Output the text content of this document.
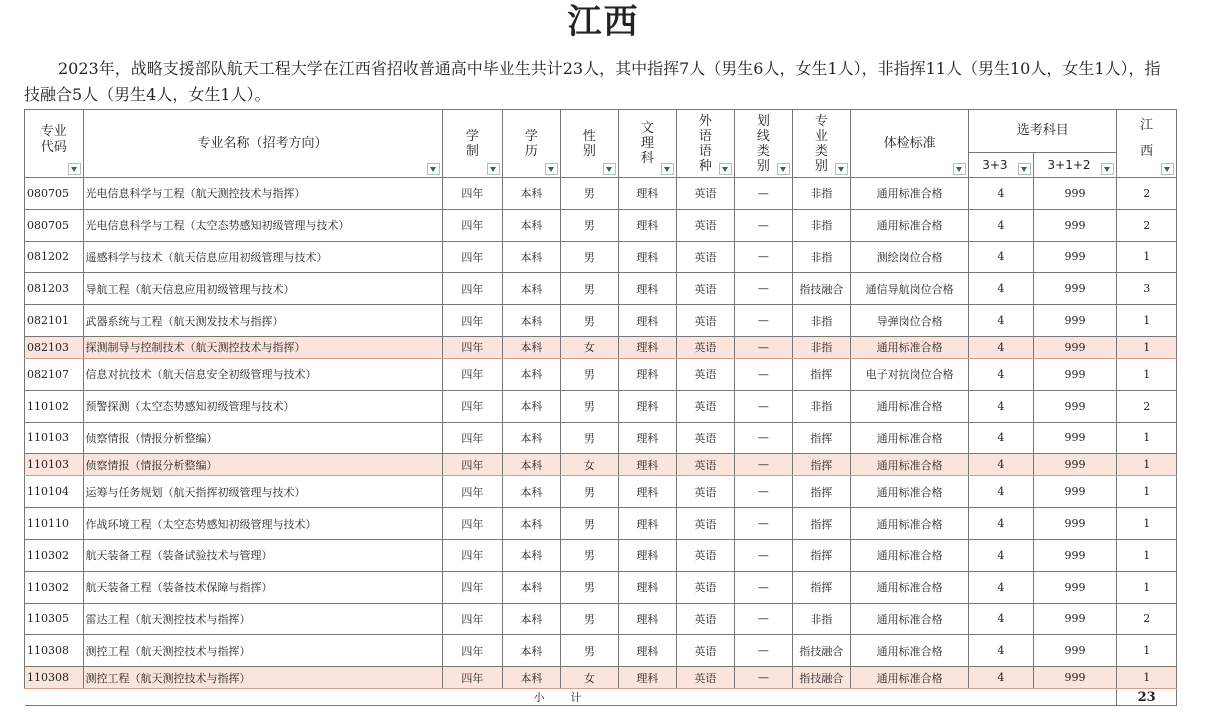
江西
2023年，战略支援部队航天工程大学在江西省招收普通高中毕业生共计23人，其中指挥7人（男生6人，女生1人），非指挥11人（男生10人，女生1人），指技融合5人（男生4人，女生1人）。
专业代码	专业名称（招考方向）	学制	学历	性别	文理科	外语语种	划线类别	专业类别	体检标准	选考科目		江西

										3+3	3+1+2	

080705	光电信息科学与工程（航天测控技术与指挥）	四年	本科	男	理科	英语	—	非指	通用标准合格	4	999	2
080705	光电信息科学与工程（太空态势感知初级管理与技术）	四年	本科	男	理科	英语	—	非指	通用标准合格	4	999	2
081202	遥感科学与技术（航天信息应用初级管理与技术）	四年	本科	男	理科	英语	—	非指	测绘岗位合格	4	999	1
081203	导航工程（航天信息应用初级管理与技术）	四年	本科	男	理科	英语	—	指技融合	通信导航岗位合格	4	999	3
082101	武器系统与工程（航天测发技术与指挥）	四年	本科	男	理科	英语	—	非指	导弹岗位合格	4	999	1
082103	探测制导与控制技术（航天测控技术与指挥）	四年	本科	女	理科	英语	—	非指	通用标准合格	4	999	1
082107	信息对抗技术（航天信息安全初级管理与技术）	四年	本科	男	理科	英语	—	指挥	电子对抗岗位合格	4	999	1
110102	预警探测（太空态势感知初级管理与技术）	四年	本科	男	理科	英语	—	非指	通用标准合格	4	999	2
110103	侦察情报（情报分析整编）	四年	本科	男	理科	英语	—	指挥	通用标准合格	4	999	1
110103	侦察情报（情报分析整编）	四年	本科	女	理科	英语	—	指挥	通用标准合格	4	999	1
110104	运筹与任务规划（航天指挥初级管理与技术）	四年	本科	男	理科	英语	—	指挥	通用标准合格	4	999	1
110110	作战环境工程（太空态势感知初级管理与技术）	四年	本科	男	理科	英语	—	指挥	通用标准合格	4	999	1
110302	航天装备工程（装备试验技术与管理）	四年	本科	男	理科	英语	—	指挥	通用标准合格	4	999	1
110302	航天装备工程（装备技术保障与指挥）	四年	本科	男	理科	英语	—	指挥	通用标准合格	4	999	1
110305	雷达工程（航天测控技术与指挥）	四年	本科	男	理科	英语	—	非指	通用标准合格	4	999	2
110308	测控工程（航天测控技术与指挥）	四年	本科	男	理科	英语	—	指技融合	通用标准合格	4	999	1
110308	测控工程（航天测控技术与指挥）	四年	本科	女	理科	英语	—	指技融合	通用标准合格	4	999	1
小计												23
